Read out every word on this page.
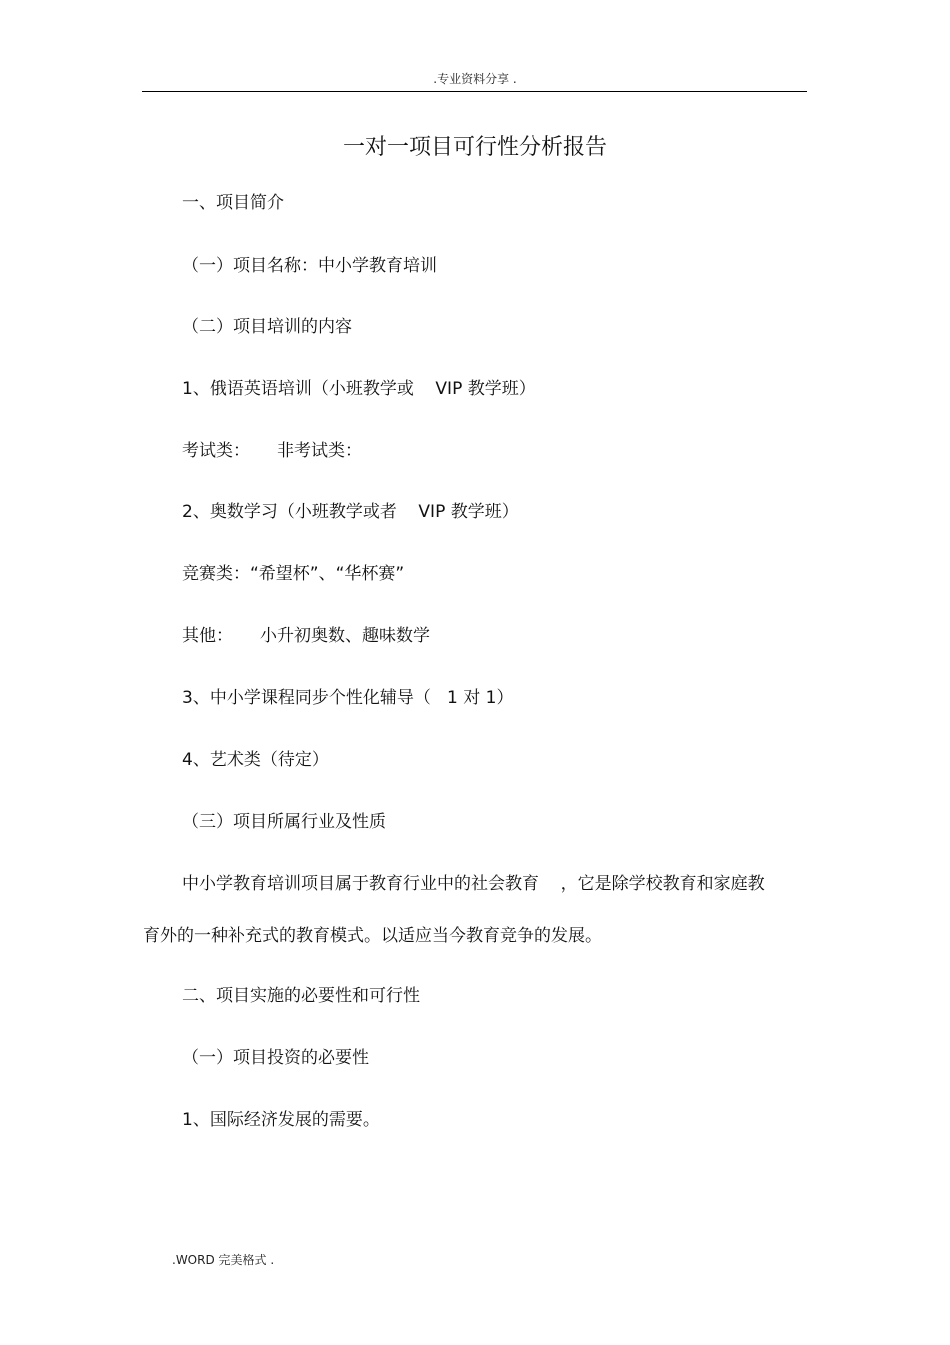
.专业资料分享 .
一对一项目可行性分析报告
一、项目简介
（一）项目名称：中小学教育培训
（二）项目培训的内容
1、俄语英语培训（小班教学或    VIP 教学班）
考试类：     非考试类：
2、奥数学习（小班教学或者    VIP 教学班）
竞赛类：“希望杯”、“华杯赛”
其他：     小升初奥数、趣味数学
3、中小学课程同步个性化辅导（   1 对 1）
4、艺术类（待定）
（三）项目所属行业及性质
中小学教育培训项目属于教育行业中的社会教育    ，它是除学校教育和家庭教
育外的一种补充式的教育模式。以适应当今教育竞争的发展。
二、项目实施的必要性和可行性
（一）项目投资的必要性
1、国际经济发展的需要。
.WORD 完美格式 .
